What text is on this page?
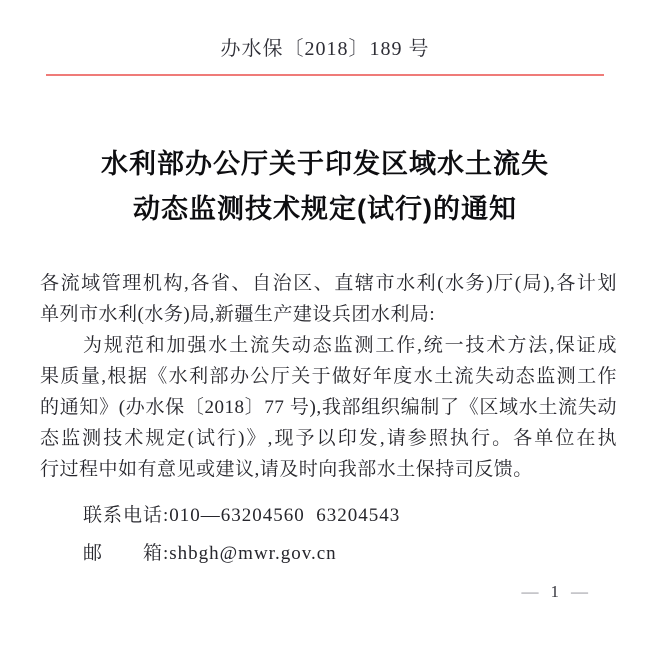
办水保〔2018〕189 号
水利部办公厅关于印发区域水土流失
动态监测技术规定(试行)的通知
各流域管理机构,各省、自治区、直辖市水利(水务)厅(局),各计划
单列市水利(水务)局,新疆生产建设兵团水利局:
为规范和加强水土流失动态监测工作,统一技术方法,保证成
果质量,根据《水利部办公厅关于做好年度水土流失动态监测工作
的通知》(办水保〔2018〕77 号),我部组织编制了《区域水土流失动
态监测技术规定(试行)》,现予以印发,请参照执行。各单位在执
行过程中如有意见或建议,请及时向我部水土保持司反馈。
联系电话:010—63204560  63204543
邮　　箱:shbgh@mwr.gov.cn
— 1 —
